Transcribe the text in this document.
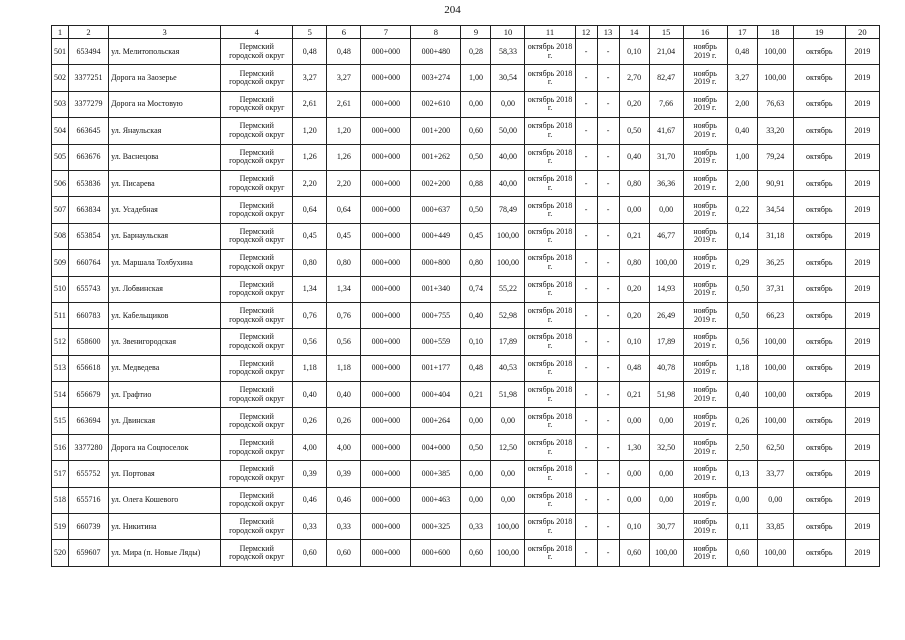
204
1	2	3	4	5	6	7	8	9	10	11	12	13	14	15	16	17	18	19	20
501	653494	ул. Мелитопольская	Пермский городской округ	0,48	0,48	000+000	000+480	0,28	58,33	октябрь 2018 г.	-	-	0,10	21,04	ноябрь 2019 г.	0,48	100,00	октябрь	2019
502	3377251	Дорога на Заозерье	Пермский городской округ	3,27	3,27	000+000	003+274	1,00	30,54	октябрь 2018 г.	-	-	2,70	82,47	ноябрь 2019 г.	3,27	100,00	октябрь	2019
503	3377279	Дорога на Мостовую	Пермский городской округ	2,61	2,61	000+000	002+610	0,00	0,00	октябрь 2018 г.	-	-	0,20	7,66	ноябрь 2019 г.	2,00	76,63	октябрь	2019
504	663645	ул. Янаульская	Пермский городской округ	1,20	1,20	000+000	001+200	0,60	50,00	октябрь 2018 г.	-	-	0,50	41,67	ноябрь 2019 г.	0,40	33,20	октябрь	2019
505	663676	ул. Васнецова	Пермский городской округ	1,26	1,26	000+000	001+262	0,50	40,00	октябрь 2018 г.	-	-	0,40	31,70	ноябрь 2019 г.	1,00	79,24	октябрь	2019
506	653836	ул. Писарева	Пермский городской округ	2,20	2,20	000+000	002+200	0,88	40,00	октябрь 2018 г.	-	-	0,80	36,36	ноябрь 2019 г.	2,00	90,91	октябрь	2019
507	663834	ул. Усадебная	Пермский городской округ	0,64	0,64	000+000	000+637	0,50	78,49	октябрь 2018 г.	-	-	0,00	0,00	ноябрь 2019 г.	0,22	34,54	октябрь	2019
508	653854	ул. Барнаульская	Пермский городской округ	0,45	0,45	000+000	000+449	0,45	100,00	октябрь 2018 г.	-	-	0,21	46,77	ноябрь 2019 г.	0,14	31,18	октябрь	2019
509	660764	ул. Маршала Толбухина	Пермский городской округ	0,80	0,80	000+000	000+800	0,80	100,00	октябрь 2018 г.	-	-	0,80	100,00	ноябрь 2019 г.	0,29	36,25	октябрь	2019
510	655743	ул. Лобвинская	Пермский городской округ	1,34	1,34	000+000	001+340	0,74	55,22	октябрь 2018 г.	-	-	0,20	14,93	ноябрь 2019 г.	0,50	37,31	октябрь	2019
511	660783	ул. Кабельщиков	Пермский городской округ	0,76	0,76	000+000	000+755	0,40	52,98	октябрь 2018 г.	-	-	0,20	26,49	ноябрь 2019 г.	0,50	66,23	октябрь	2019
512	658600	ул. Звенигородская	Пермский городской округ	0,56	0,56	000+000	000+559	0,10	17,89	октябрь 2018 г.	-	-	0,10	17,89	ноябрь 2019 г.	0,56	100,00	октябрь	2019
513	656618	ул. Медведева	Пермский городской округ	1,18	1,18	000+000	001+177	0,48	40,53	октябрь 2018 г.	-	-	0,48	40,78	ноябрь 2019 г.	1,18	100,00	октябрь	2019
514	656679	ул. Графтио	Пермский городской округ	0,40	0,40	000+000	000+404	0,21	51,98	октябрь 2018 г.	-	-	0,21	51,98	ноябрь 2019 г.	0,40	100,00	октябрь	2019
515	663694	ул. Двинская	Пермский городской округ	0,26	0,26	000+000	000+264	0,00	0,00	октябрь 2018 г.	-	-	0,00	0,00	ноябрь 2019 г.	0,26	100,00	октябрь	2019
516	3377280	Дорога на Соцпоселок	Пермский городской округ	4,00	4,00	000+000	004+000	0,50	12,50	октябрь 2018 г.	-	-	1,30	32,50	ноябрь 2019 г.	2,50	62,50	октябрь	2019
517	655752	ул. Портовая	Пермский городской округ	0,39	0,39	000+000	000+385	0,00	0,00	октябрь 2018 г.	-	-	0,00	0,00	ноябрь 2019 г.	0,13	33,77	октябрь	2019
518	655716	ул. Олега Кошевого	Пермский городской округ	0,46	0,46	000+000	000+463	0,00	0,00	октябрь 2018 г.	-	-	0,00	0,00	ноябрь 2019 г.	0,00	0,00	октябрь	2019
519	660739	ул. Никитина	Пермский городской округ	0,33	0,33	000+000	000+325	0,33	100,00	октябрь 2018 г.	-	-	0,10	30,77	ноябрь 2019 г.	0,11	33,85	октябрь	2019
520	659607	ул. Мира (п. Новые Ляды)	Пермский городской округ	0,60	0,60	000+000	000+600	0,60	100,00	октябрь 2018 г.	-	-	0,60	100,00	ноябрь 2019 г.	0,60	100,00	октябрь	2019
